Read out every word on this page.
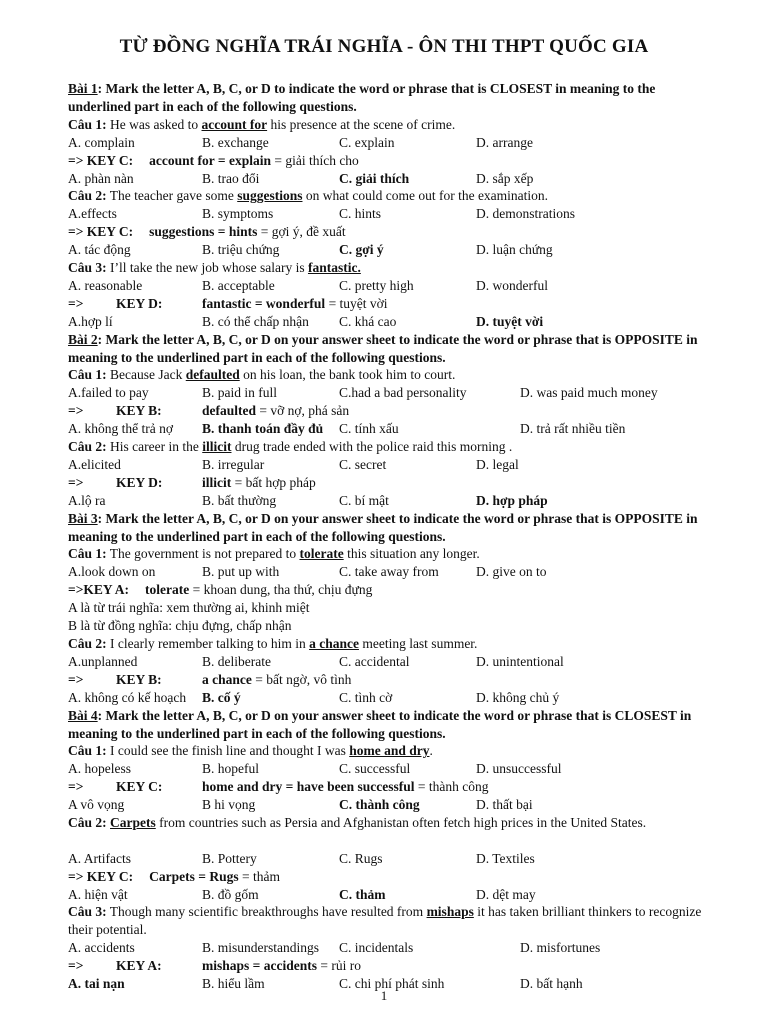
TỪ ĐỒNG NGHĨA TRÁI NGHĨA - ÔN THI THPT QUỐC GIA
Bài 1: Mark the letter A, B, C, or D to indicate the word or phrase that is CLOSEST in meaning to the underlined part in each of the following questions.
Câu 1: He was asked to account for his presence at the scene of crime.
A. complain	B. exchange	C. explain	D. arrange
=> KEY C: account for = explain = giải thích cho
A. phàn nàn	B. trao đổi	C. giải thích	D. sắp xếp
Câu 2: The teacher gave some suggestions on what could come out for the examination.
A.effects	B. symptoms	C. hints	D. demonstrations
=> KEY C: suggestions = hints = gợi ý, đề xuất
A. tác động	B. triệu chứng	C. gợi ý	D. luận chứng
Câu 3: I’ll take the new job whose salary is fantastic.
A. reasonable	B. acceptable	C. pretty high	D. wonderful
=> KEY D:	fantastic = wonderful = tuyệt vời
A.hợp lí	B. có thể chấp nhận C. khá cao	D. tuyệt vời
Bài 2: Mark the letter A, B, C, or D on your answer sheet to indicate the word or phrase that is OPPOSITE in meaning to the underlined part in each of the following questions.
Câu 1: Because Jack defaulted on his loan, the bank took him to court.
A.failed to pay	B. paid in full	C.had a bad personality	D. was paid much money
=> KEY B:	defaulted = vỡ nợ, phá sản
A. không thể trả nợ B. thanh toán đầy đủ C. tính xấu	D. trả rất nhiều tiền
Câu 2: His career in the illicit drug trade ended with the police raid this morning .
A.elicited	B. irregular	C. secret	D. legal
=> KEY D:	illicit = bất hợp pháp
A.lộ ra	B. bất thường	C. bí mật	D. hợp pháp
Bài 3: Mark the letter A, B, C, or D on your answer sheet to indicate the word or phrase that is OPPOSITE in meaning to the underlined part in each of the following questions.
Câu 1: The government is not prepared to tolerate this situation any longer.
A.look down on	B. put up with	C. take away from	D. give on to
=>KEY A: tolerate = khoan dung, tha thứ, chịu đựng
A là từ trái nghĩa: xem thường ai, khinh miệt
B là từ đồng nghĩa: chịu đựng, chấp nhận
Câu 2: I clearly remember talking to him in a chance meeting last summer.
A.unplanned	B. deliberate	C. accidental	D. unintentional
=> KEY B:	a chance = bất ngờ, vô tình
A. không có kế hoạch B. cố ý	C. tình cờ	D. không chủ ý
Bài 4: Mark the letter A, B, C, or D on your answer sheet to indicate the word or phrase that is CLOSEST in meaning to the underlined part in each of the following questions.
Câu 1: I could see the finish line and thought I was home and dry.
A. hopeless	B. hopeful	C. successful	D. unsuccessful
=> KEY C:	home and dry = have been successful = thành công
A vô vọng	B hi vọng	C. thành công	D. thất bại
Câu 2: Carpets from countries such as Persia and Afghanistan often fetch high prices in the United States.
A. Artifacts	B. Pottery	C. Rugs	D. Textiles
=> KEY C: Carpets = Rugs = thảm
A. hiện vật	B. đồ gốm	C. thảm	D. dệt may
Câu 3: Though many scientific breakthroughs have resulted from mishaps it has taken brilliant thinkers to recognize their potential.
A. accidents	B. misunderstandings C. incidentals	D. misfortunes
=> KEY A:	mishaps = accidents = rủi ro
A. tai nạn	B. hiểu lầm	C. chi phí phát sinh	D. bất hạnh
1
